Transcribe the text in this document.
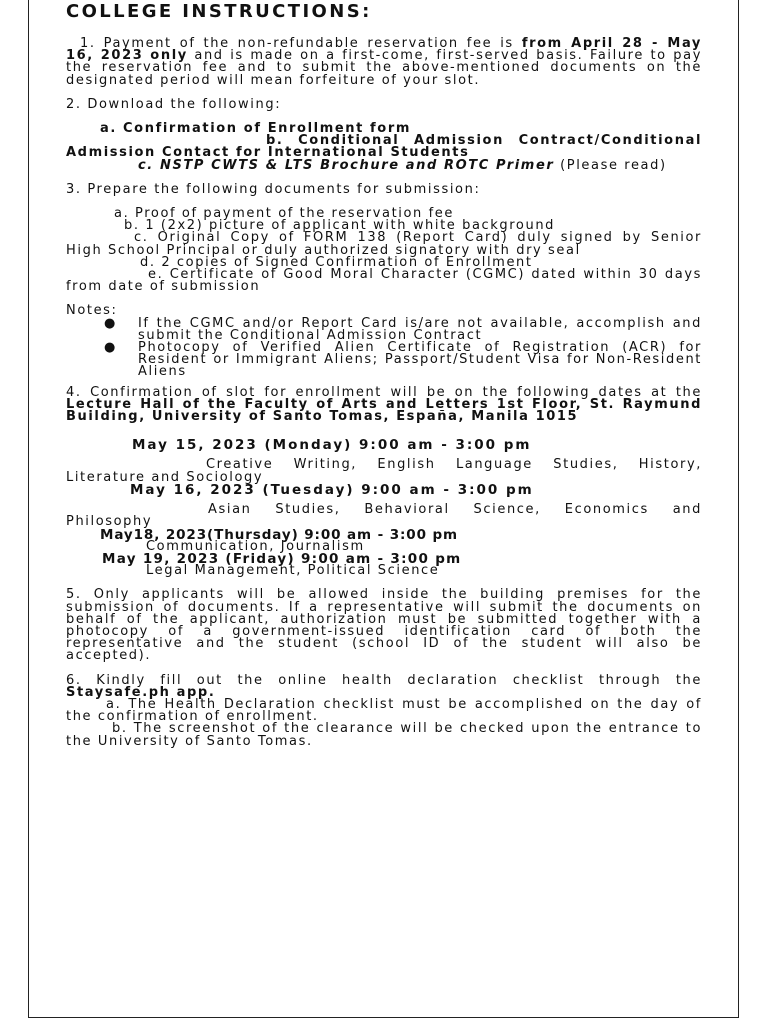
COLLEGE INSTRUCTIONS:

1. Payment of the non-refundable reservation fee is from April 28 - May 16, 2023 only and is made on a first-come, first-served basis. Failure to pay the reservation fee and to submit the above-mentioned documents on the designated period will mean forfeiture of your slot.

2. Download the following:

a. Confirmation of Enrollment form

b. Conditional Admission Contract/Conditional Admission Contact for International Students

c. NSTP CWTS & LTS Brochure and ROTC Primer (Please read)

3. Prepare the following documents for submission:

a. Proof of payment of the reservation fee

b. 1 (2x2) picture of applicant with white background

c. Original Copy of FORM 138 (Report Card) duly signed by Senior High School Principal or duly authorized signatory with dry seal

d. 2 copies of Signed Confirmation of Enrollment

e. Certificate of Good Moral Character (CGMC) dated within 30 days from date of submission

Notes:

● If the CGMC and/or Report Card is/are not available, accomplish and submit the Conditional Admission Contract
● Photocopy of Verified Alien Certificate of Registration (ACR) for Resident or Immigrant Aliens; Passport/Student Visa for Non-Resident Aliens

4. Confirmation of slot for enrollment will be on the following dates at the Lecture Hall of the Faculty of Arts and Letters 1st Floor, St. Raymund Building, University of Santo Tomas, España, Manila 1015

May 15, 2023 (Monday) 9:00 am - 3:00 pm

Creative Writing, English Language Studies, History, Literature and Sociology

May 16, 2023 (Tuesday) 9:00 am - 3:00 pm

Asian Studies, Behavioral Science, Economics and Philosophy

May18, 2023(Thursday) 9:00 am - 3:00 pm

Communication, Journalism

May 19, 2023 (Friday) 9:00 am - 3:00 pm

Legal Management, Political Science

5. Only applicants will be allowed inside the building premises for the submission of documents. If a representative will submit the documents on behalf of the applicant, authorization must be submitted together with a photocopy of a government-issued identification card of both the representative and the student (school ID of the student will also be accepted).

6. Kindly fill out the online health declaration checklist through the Staysafe.ph app.

a. The Health Declaration checklist must be accomplished on the day of the confirmation of enrollment.

b. The screenshot of the clearance will be checked upon the entrance to the University of Santo Tomas.
